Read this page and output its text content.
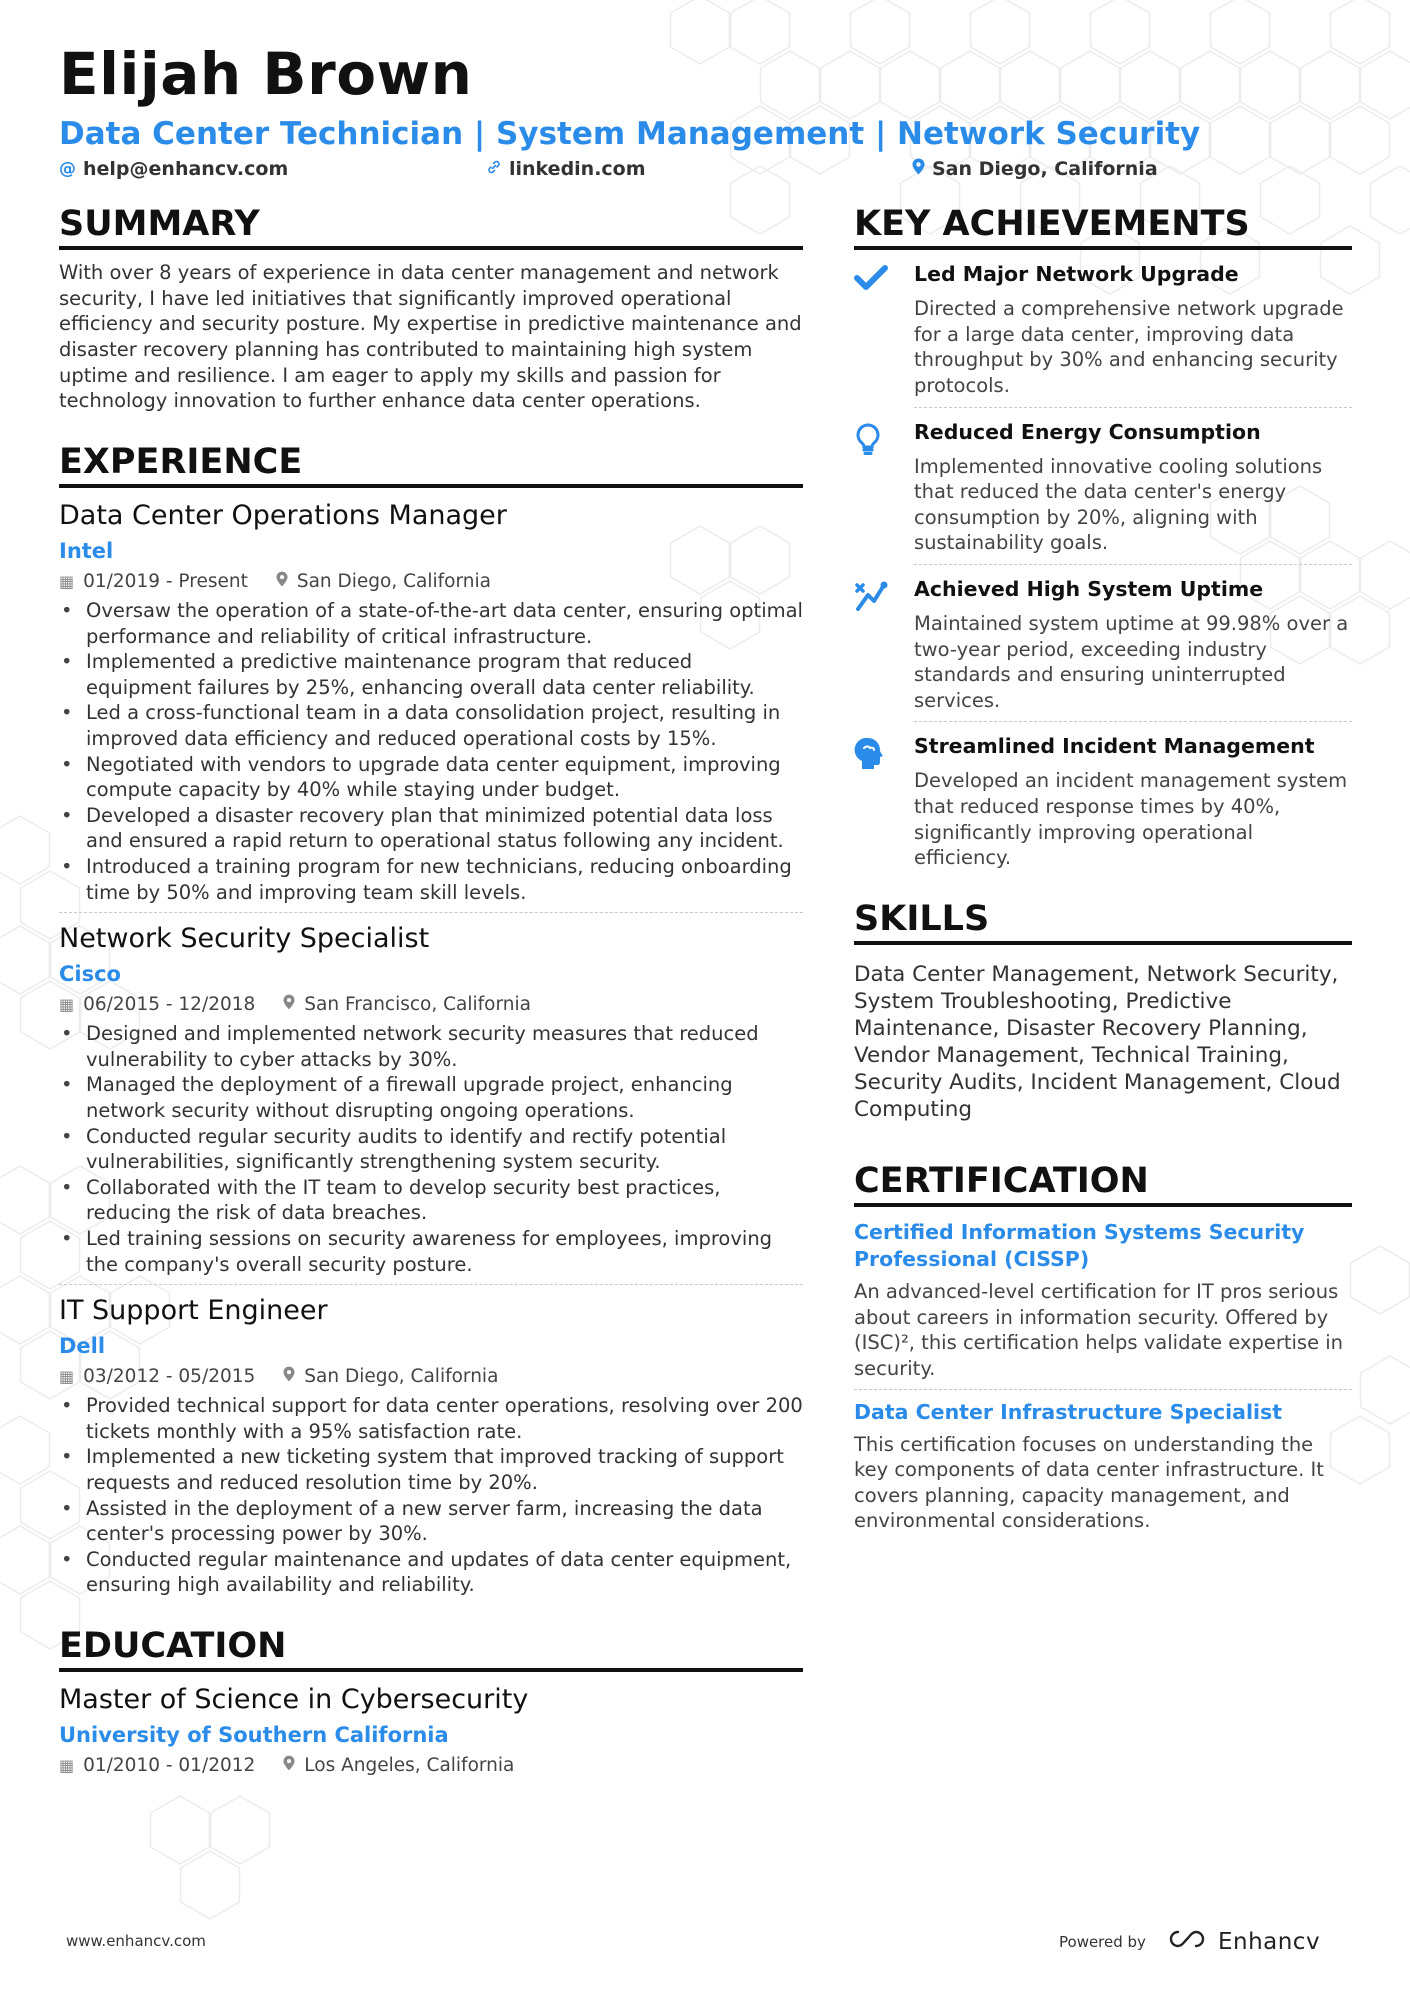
Elijah Brown
Data Center Technician | System Management | Network Security
@ help@enhancv.com	linkedin.com	San Diego, California
SUMMARY
With over 8 years of experience in data center management and network security, I have led initiatives that significantly improved operational efficiency and security posture. My expertise in predictive maintenance and disaster recovery planning has contributed to maintaining high system uptime and resilience. I am eager to apply my skills and passion for technology innovation to further enhance data center operations.
EXPERIENCE
Data Center Operations Manager
Intel
▦ 01/2019 - Present	San Diego, California
• Oversaw the operation of a state-of-the-art data center, ensuring optimal performance and reliability of critical infrastructure.
• Implemented a predictive maintenance program that reduced equipment failures by 25%, enhancing overall data center reliability.
• Led a cross-functional team in a data consolidation project, resulting in improved data efficiency and reduced operational costs by 15%.
• Negotiated with vendors to upgrade data center equipment, improving compute capacity by 40% while staying under budget.
• Developed a disaster recovery plan that minimized potential data loss and ensured a rapid return to operational status following any incident.
• Introduced a training program for new technicians, reducing onboarding time by 50% and improving team skill levels.
Network Security Specialist
Cisco
▦ 06/2015 - 12/2018	San Francisco, California
• Designed and implemented network security measures that reduced vulnerability to cyber attacks by 30%.
• Managed the deployment of a firewall upgrade project, enhancing network security without disrupting ongoing operations.
• Conducted regular security audits to identify and rectify potential vulnerabilities, significantly strengthening system security.
• Collaborated with the IT team to develop security best practices, reducing the risk of data breaches.
• Led training sessions on security awareness for employees, improving the company's overall security posture.
IT Support Engineer
Dell
▦ 03/2012 - 05/2015	San Diego, California
• Provided technical support for data center operations, resolving over 200 tickets monthly with a 95% satisfaction rate.
• Implemented a new ticketing system that improved tracking of support requests and reduced resolution time by 20%.
• Assisted in the deployment of a new server farm, increasing the data center's processing power by 30%.
• Conducted regular maintenance and updates of data center equipment, ensuring high availability and reliability.
EDUCATION
Master of Science in Cybersecurity
University of Southern California
▦ 01/2010 - 01/2012	Los Angeles, California
KEY ACHIEVEMENTS
Led Major Network Upgrade
Directed a comprehensive network upgrade for a large data center, improving data throughput by 30% and enhancing security protocols.
Reduced Energy Consumption
Implemented innovative cooling solutions that reduced the data center's energy consumption by 20%, aligning with sustainability goals.
Achieved High System Uptime
Maintained system uptime at 99.98% over a two-year period, exceeding industry standards and ensuring uninterrupted services.
Streamlined Incident Management
Developed an incident management system that reduced response times by 40%, significantly improving operational efficiency.
SKILLS
Data Center Management, Network Security, System Troubleshooting, Predictive Maintenance, Disaster Recovery Planning, Vendor Management, Technical Training, Security Audits, Incident Management, Cloud Computing
CERTIFICATION
Certified Information Systems Security Professional (CISSP)
An advanced-level certification for IT pros serious about careers in information security. Offered by (ISC)², this certification helps validate expertise in security.
Data Center Infrastructure Specialist
This certification focuses on understanding the key components of data center infrastructure. It covers planning, capacity management, and environmental considerations.
www.enhancv.com	Powered by	Enhancv
